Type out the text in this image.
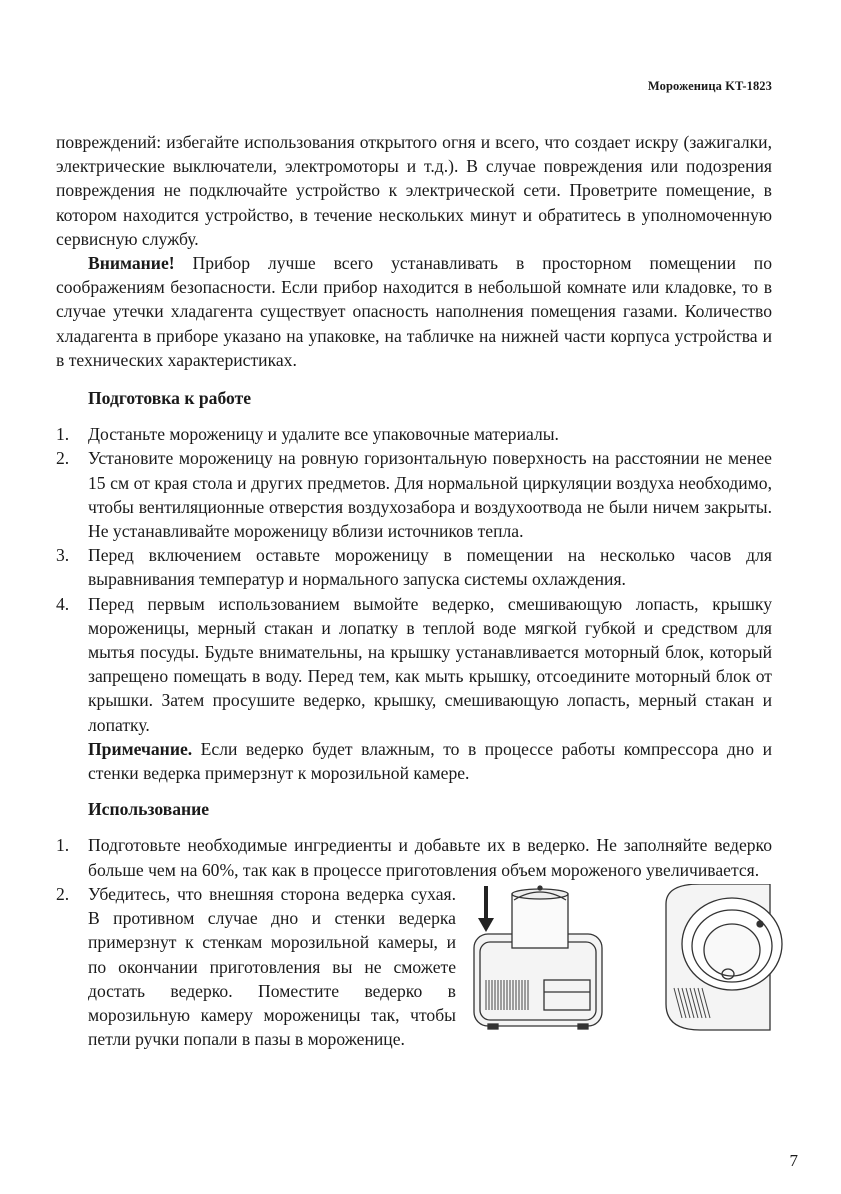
Мороженица KT-1823

повреждений: избегайте использования открытого огня и всего, что создает искру (зажигалки, электрические выключатели, электромоторы и т.д.). В случае повреждения или подозрения повреждения не подключайте устройство к электрической сети. Проветрите помещение, в котором находится устройство, в течение нескольких минут и обратитесь в уполномоченную сервисную службу.

Внимание! Прибор лучше всего устанавливать в просторном помещении по соображениям безопасности. Если прибор находится в небольшой комнате или кладовке, то в случае утечки хладагента существует опасность наполнения помещения газами. Количество хладагента в приборе указано на упаковке, на табличке на нижней части корпуса устройства и в технических характеристиках.

Подготовка к работе
1. Достаньте мороженицу и удалите все упаковочные материалы.
2. Установите мороженицу на ровную горизонтальную поверхность на расстоянии не менее 15 см от края стола и других предметов. Для нормальной циркуляции воздуха необходимо, чтобы вентиляционные отверстия воздухозабора и воздухоотвода не были ничем закрыты. Не устанавливайте мороженицу вблизи источников тепла.
3. Перед включением оставьте мороженицу в помещении на несколько часов для выравнивания температур и нормального запуска системы охлаждения.
4. Перед первым использованием вымойте ведерко, смешивающую лопасть, крышку мороженицы, мерный стакан и лопатку в теплой воде мягкой губкой и средством для мытья посуды. Будьте внимательны, на крышку устанавливается моторный блок, который запрещено помещать в воду. Перед тем, как мыть крышку, отсоедините моторный блок от крышки. Затем просушите ведерко, крышку, смешивающую лопасть, мерный стакан и лопатку.
Примечание. Если ведерко будет влажным, то в процессе работы компрессора дно и стенки ведерка примерзнут к морозильной камере.
Использование
1. Подготовьте необходимые ингредиенты и добавьте их в ведерко. Не заполняйте ведерко больше чем на 60%, так как в процессе приготовления объем мороженого увеличивается.
2. Убедитесь, что внешняя сторона ведерка сухая. В противном случае дно и стенки ведерка примерзнут к стенкам морозильной камеры, и по окончании приготовления вы не сможете достать ведерко. Поместите ведерко в морозильную камеру мороженицы так, чтобы петли ручки попали в пазы в мороженице.
7
